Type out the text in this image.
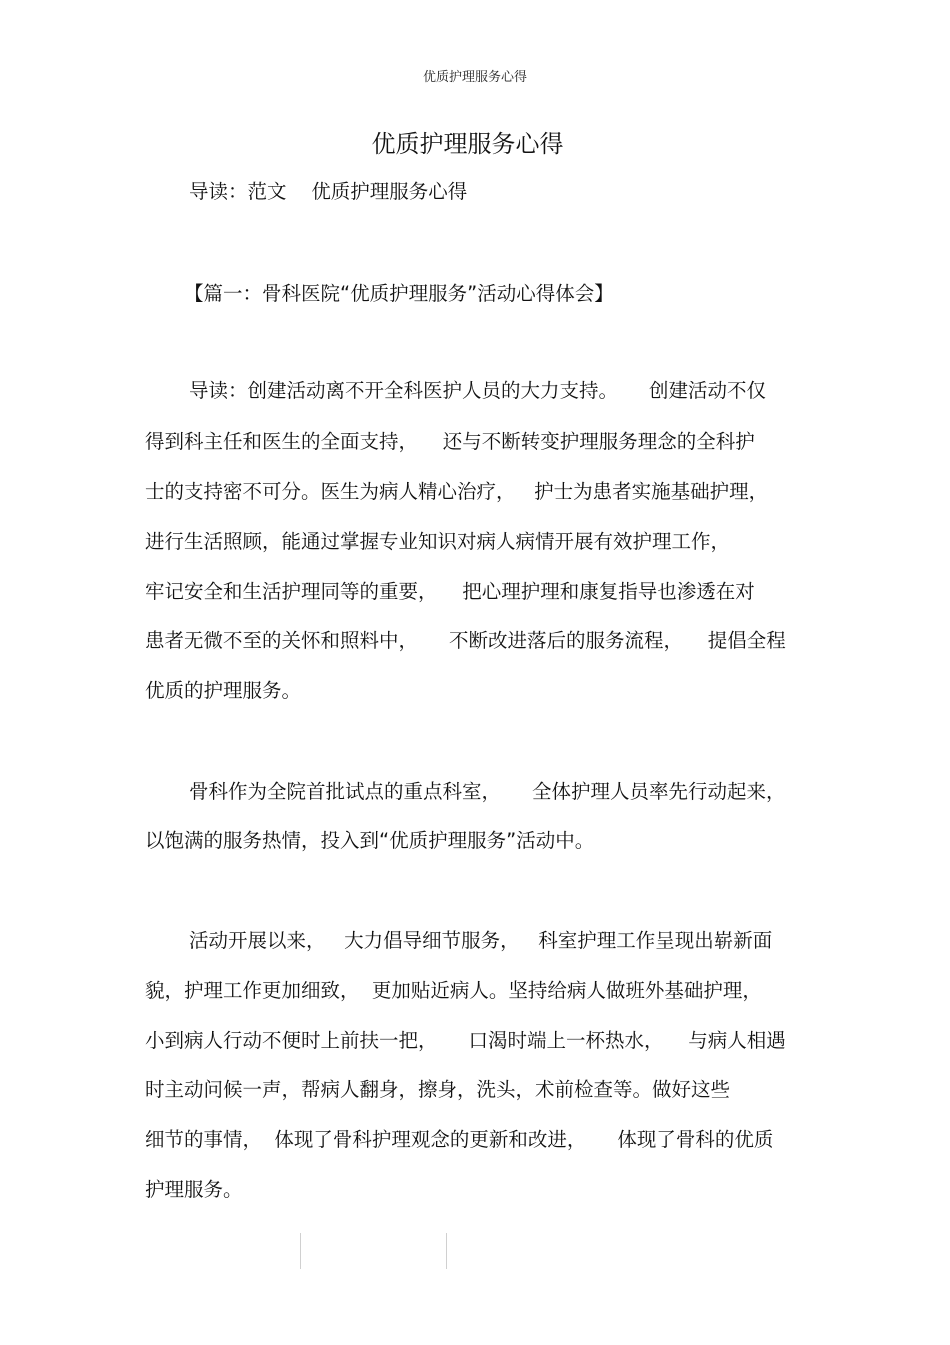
优质护理服务心得
优质护理服务心得
导读：范文    优质护理服务心得
【篇一：骨科医院“优质护理服务”活动心得体会】
导读：创建活动离不开全科医护人员的大力支持。     创建活动不仅
得到科主任和医生的全面支持，    还与不断转变护理服务理念的全科护
士的支持密不可分。医生为病人精心治疗，   护士为患者实施基础护理，
进行生活照顾，能通过掌握专业知识对病人病情开展有效护理工作，
牢记安全和生活护理同等的重要，    把心理护理和康复指导也渗透在对
患者无微不至的关怀和照料中，     不断改进落后的服务流程，    提倡全程
优质的护理服务。
骨科作为全院首批试点的重点科室，     全体护理人员率先行动起来，
以饱满的服务热情，投入到“优质护理服务”活动中。
活动开展以来，   大力倡导细节服务，   科室护理工作呈现出崭新面
貌，护理工作更加细致，  更加贴近病人。坚持给病人做班外基础护理，
小到病人行动不便时上前扶一把，     口渴时端上一杯热水，    与病人相遇
时主动问候一声，帮病人翻身，擦身，洗头，术前检查等。做好这些
细节的事情，  体现了骨科护理观念的更新和改进，     体现了骨科的优质
护理服务。
